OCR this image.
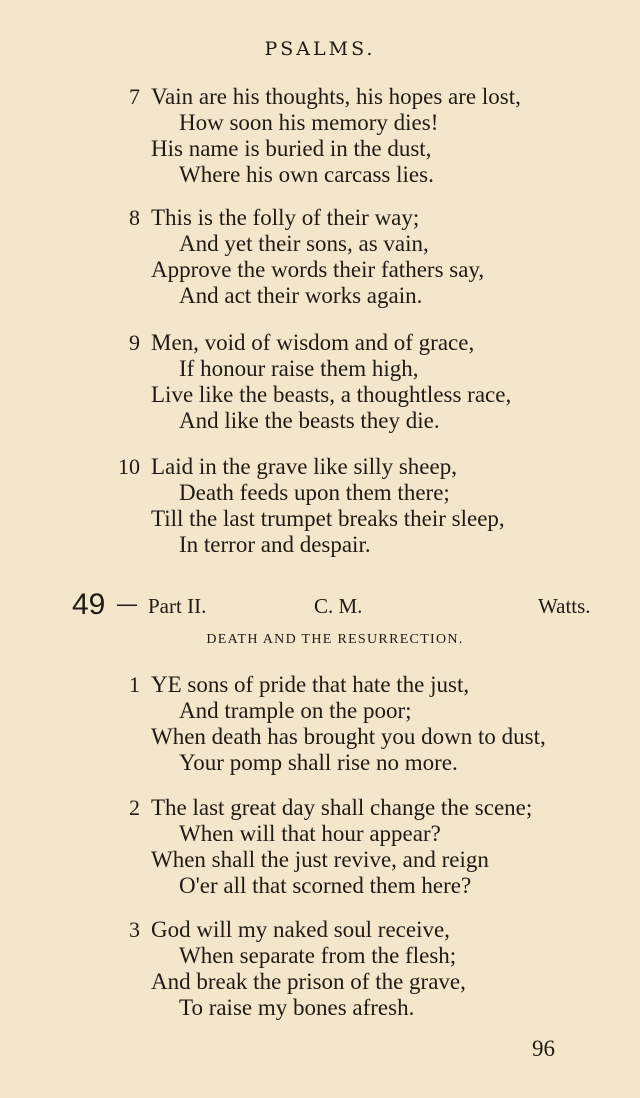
PSALMS.
7 Vain are his thoughts, his hopes are lost,
How soon his memory dies!
His name is buried in the dust,
Where his own carcass lies.
8 This is the folly of their way;
And yet their sons, as vain,
Approve the words their fathers say,
And act their works again.
9 Men, void of wisdom and of grace,
If honour raise them high,
Live like the beasts, a thoughtless race,
And like the beasts they die.
10 Laid in the grave like silly sheep,
Death feeds upon them there;
Till the last trumpet breaks their sleep,
In terror and despair.
49 — Part II.	C. M.	Watts.
DEATH AND THE RESURRECTION.
1 YE sons of pride that hate the just,
And trample on the poor;
When death has brought you down to dust,
Your pomp shall rise no more.
2 The last great day shall change the scene;
When will that hour appear?
When shall the just revive, and reign
O'er all that scorned them here?
3 God will my naked soul receive,
When separate from the flesh;
And break the prison of the grave,
To raise my bones afresh.
96
